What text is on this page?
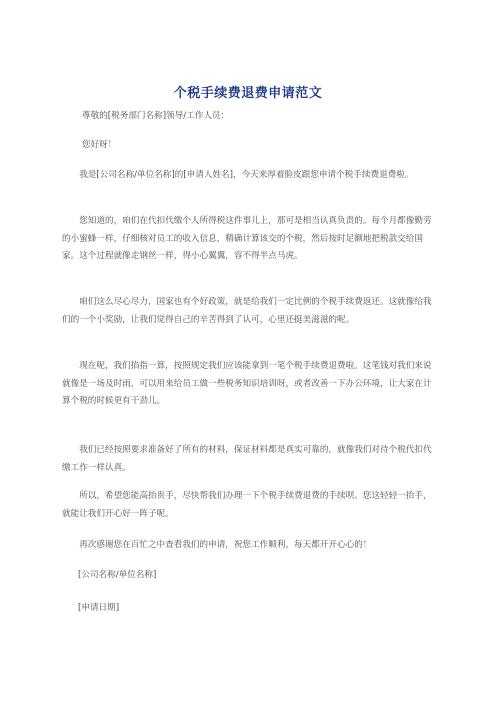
个税手续费退费申请范文
尊敬的[税务部门名称]领导/工作人员：
您好呀！
我是[公司名称/单位名称]的[申请人姓名]，今天来厚着脸皮跟您申请个税手续费退费啦。
您知道的，咱们在代扣代缴个人所得税这件事儿上，那可是相当认真负责的。每个月都像勤劳的小蜜蜂一样，仔细核对员工的收入信息，精确计算该交的个税，然后按时足额地把税款交给国家。这个过程就像走钢丝一样，得小心翼翼，容不得半点马虎。
咱们这么尽心尽力，国家也有个好政策，就是给我们一定比例的个税手续费返还。这就像给我们的一个小奖励，让我们觉得自己的辛苦得到了认可，心里还挺美滋滋的呢。
现在呢，我们掐指一算，按照规定我们应该能拿到一笔个税手续费退费啦。这笔钱对我们来说就像是一场及时雨，可以用来给员工做一些税务知识培训呀，或者改善一下办公环境，让大家在计算个税的时候更有干劲儿。
我们已经按照要求准备好了所有的材料，保证材料都是真实可靠的，就像我们对待个税代扣代缴工作一样认真。
所以，希望您能高抬贵手，尽快帮我们办理一下个税手续费退费的手续呗。您这轻轻一抬手，就能让我们开心好一阵子呢。
再次感谢您在百忙之中查看我们的申请，祝您工作顺利，每天都开开心心的！
[公司名称/单位名称]
[申请日期]
